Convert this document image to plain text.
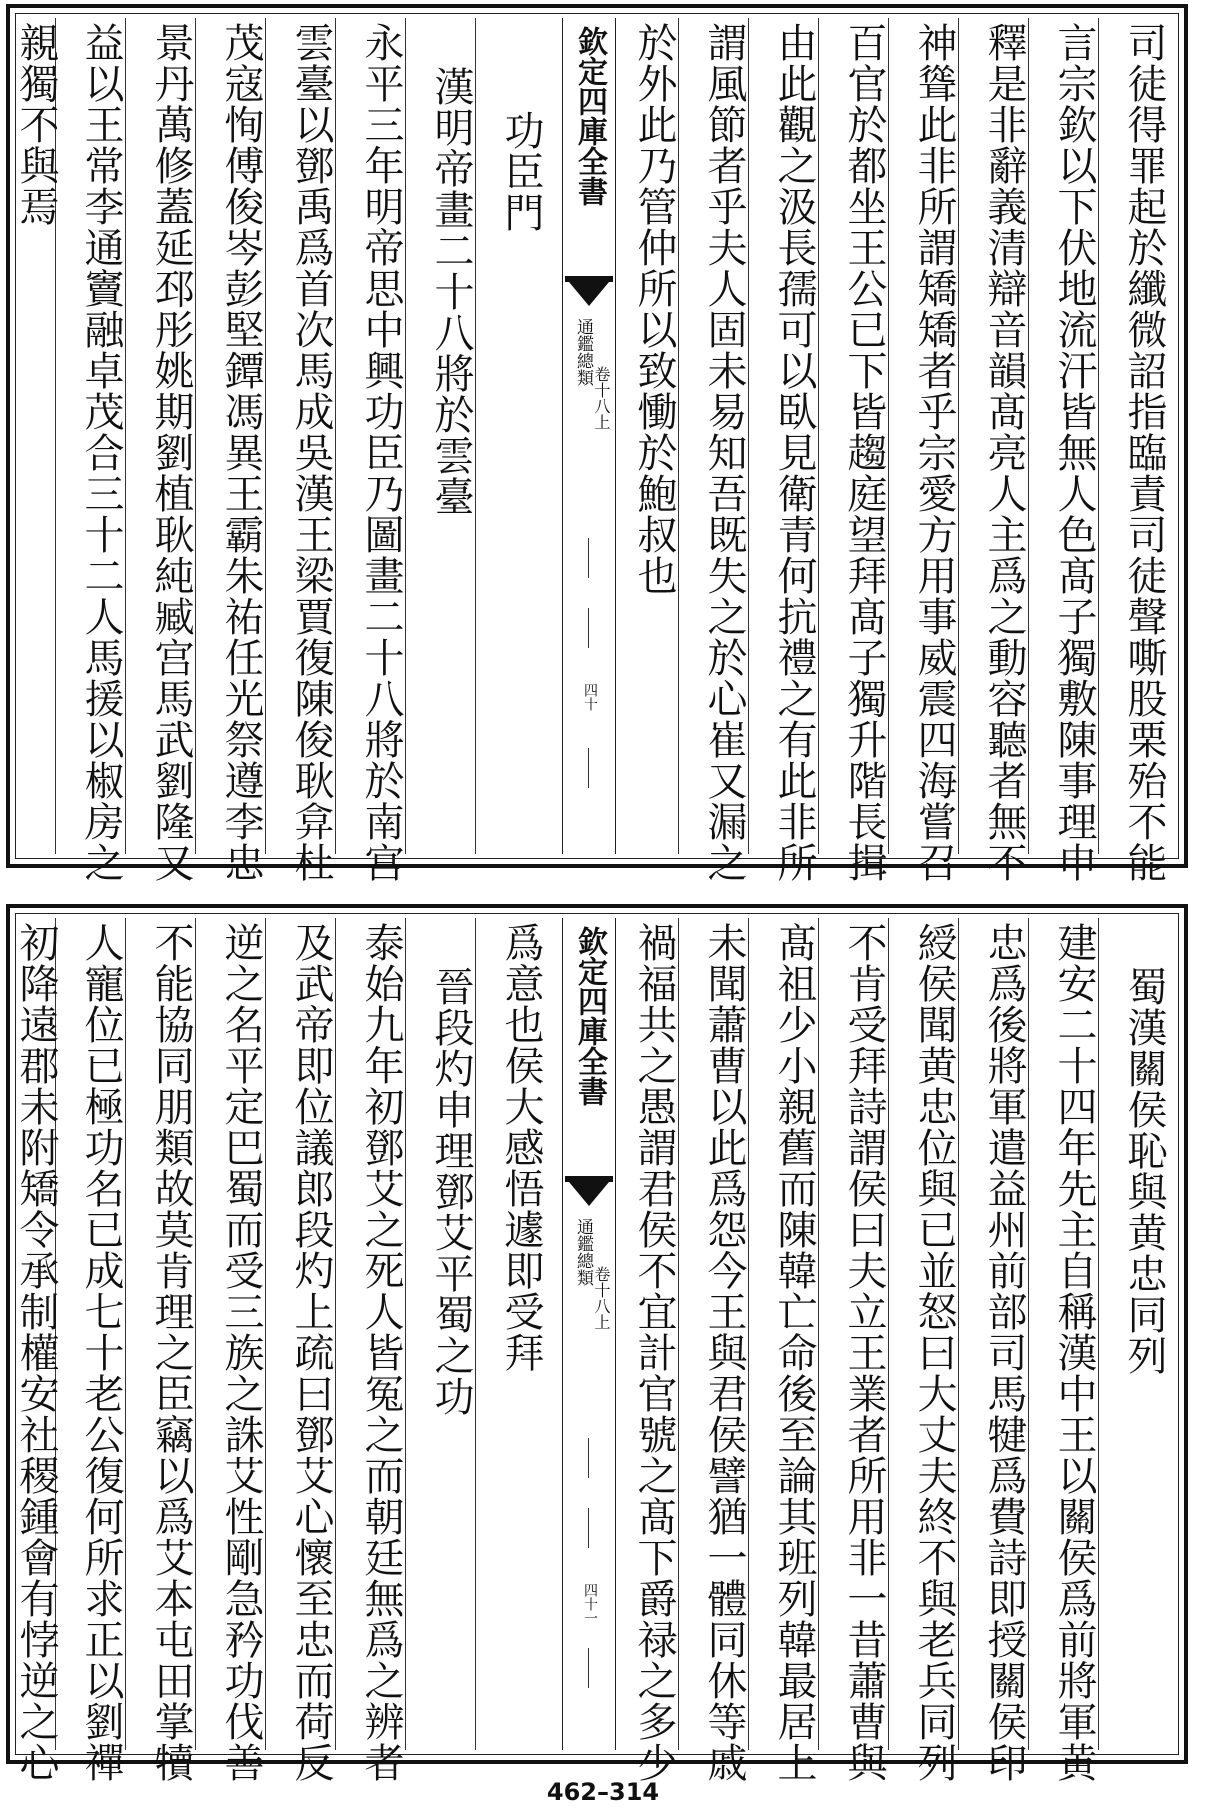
司徒得罪起於纖微詔指臨責司徒聲嘶股栗殆不能
言宗欽以下伏地流汗皆無人色髙子獨敷陳事理申
釋是非辭義清辯音韻髙亮人主爲之動容聽者無不
神聳此非所謂矯矯者乎宗愛方用事威震四海嘗召
百官於都坐王公已下皆趨庭望拜髙子獨升階長揖
由此觀之汲長孺可以臥見衛青何抗禮之有此非所
謂風節者乎夫人固未易知吾既失之於心崔又漏之
於外此乃管仲所以致慟於鮑叔也
欽定四庫全書
通鑑總類
卷十八上
四十
功臣門
漢明帝畫二十八將於雲臺
永平三年明帝思中興功臣乃圖畫二十八將於南宫
雲臺以鄧禹爲首次馬成吳漢王梁賈復陳俊耿弇杜
茂寇恂傅俊岑彭堅鐔馮異王霸朱祐任光祭遵李忠
景丹萬修蓋延邳彤姚期劉植耿純臧宫馬武劉隆又
益以王常李通竇融卓茂合三十二人馬援以椒房之
親獨不與焉
蜀漢關侯恥與黄忠同列
建安二十四年先主自稱漢中王以關侯爲前將軍黄
忠爲後將軍遣益州前部司馬犍爲費詩即授關侯印
綬侯聞黄忠位與已並怒曰大丈夫終不與老兵同列
不肯受拜詩謂侯曰夫立王業者所用非一昔蕭曹與
髙祖少小親舊而陳韓亡命後至論其班列韓最居上
未聞蕭曹以此爲怨今王與君侯譬猶一體同休等戚
禍福共之愚謂君侯不宜計官號之髙下爵禄之多少
欽定四庫全書
通鑑總類
卷十八上
四十一
爲意也侯大感悟遽即受拜
晉段灼申理鄧艾平蜀之功
泰始九年初鄧艾之死人皆冤之而朝廷無爲之辨者
及武帝即位議郎段灼上疏曰鄧艾心懷至忠而荷反
逆之名平定巴蜀而受三族之誅艾性剛急矜功伐善
不能協同朋類故莫肯理之臣竊以爲艾本屯田掌犢
人寵位已極功名已成七十老公復何所求正以劉禪
初降遠郡未附矯令承制權安社稷鍾會有悖逆之心
462–314
